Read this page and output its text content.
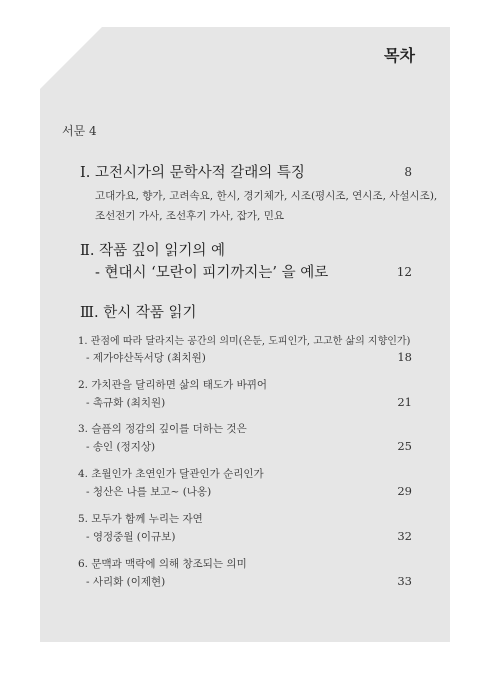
목차
서문 4
Ⅰ. 고전시가의 문학사적 갈래의 특징	8
고대가요, 향가, 고려속요, 한시, 경기체가, 시조(평시조, 연시조, 사설시조),
조선전기 가사, 조선후기 가사, 잡가, 민요
Ⅱ. 작품 깊이 읽기의 예
- 현대시 ‘모란이 피기까지는’ 을 예로	12
Ⅲ. 한시 작품 읽기
1. 관점에 따라 달라지는 공간의 의미(은둔, 도피인가, 고고한 삶의 지향인가)
- 제가야산독서당 (최치원)	18
2. 가치관을 달리하면 삶의 태도가 바뀌어
- 촉규화 (최치원)	21
3. 슬픔의 정감의 깊이를 더하는 것은
- 송인 (정지상)	25
4. 초월인가 초연인가 달관인가 순리인가
- 청산은 나를 보고~ (나옹)	29
5. 모두가 함께 누리는 자연
- 영정중월 (이규보)	32
6. 문맥과 맥락에 의해 창조되는 의미
- 사리화 (이제현)	33
